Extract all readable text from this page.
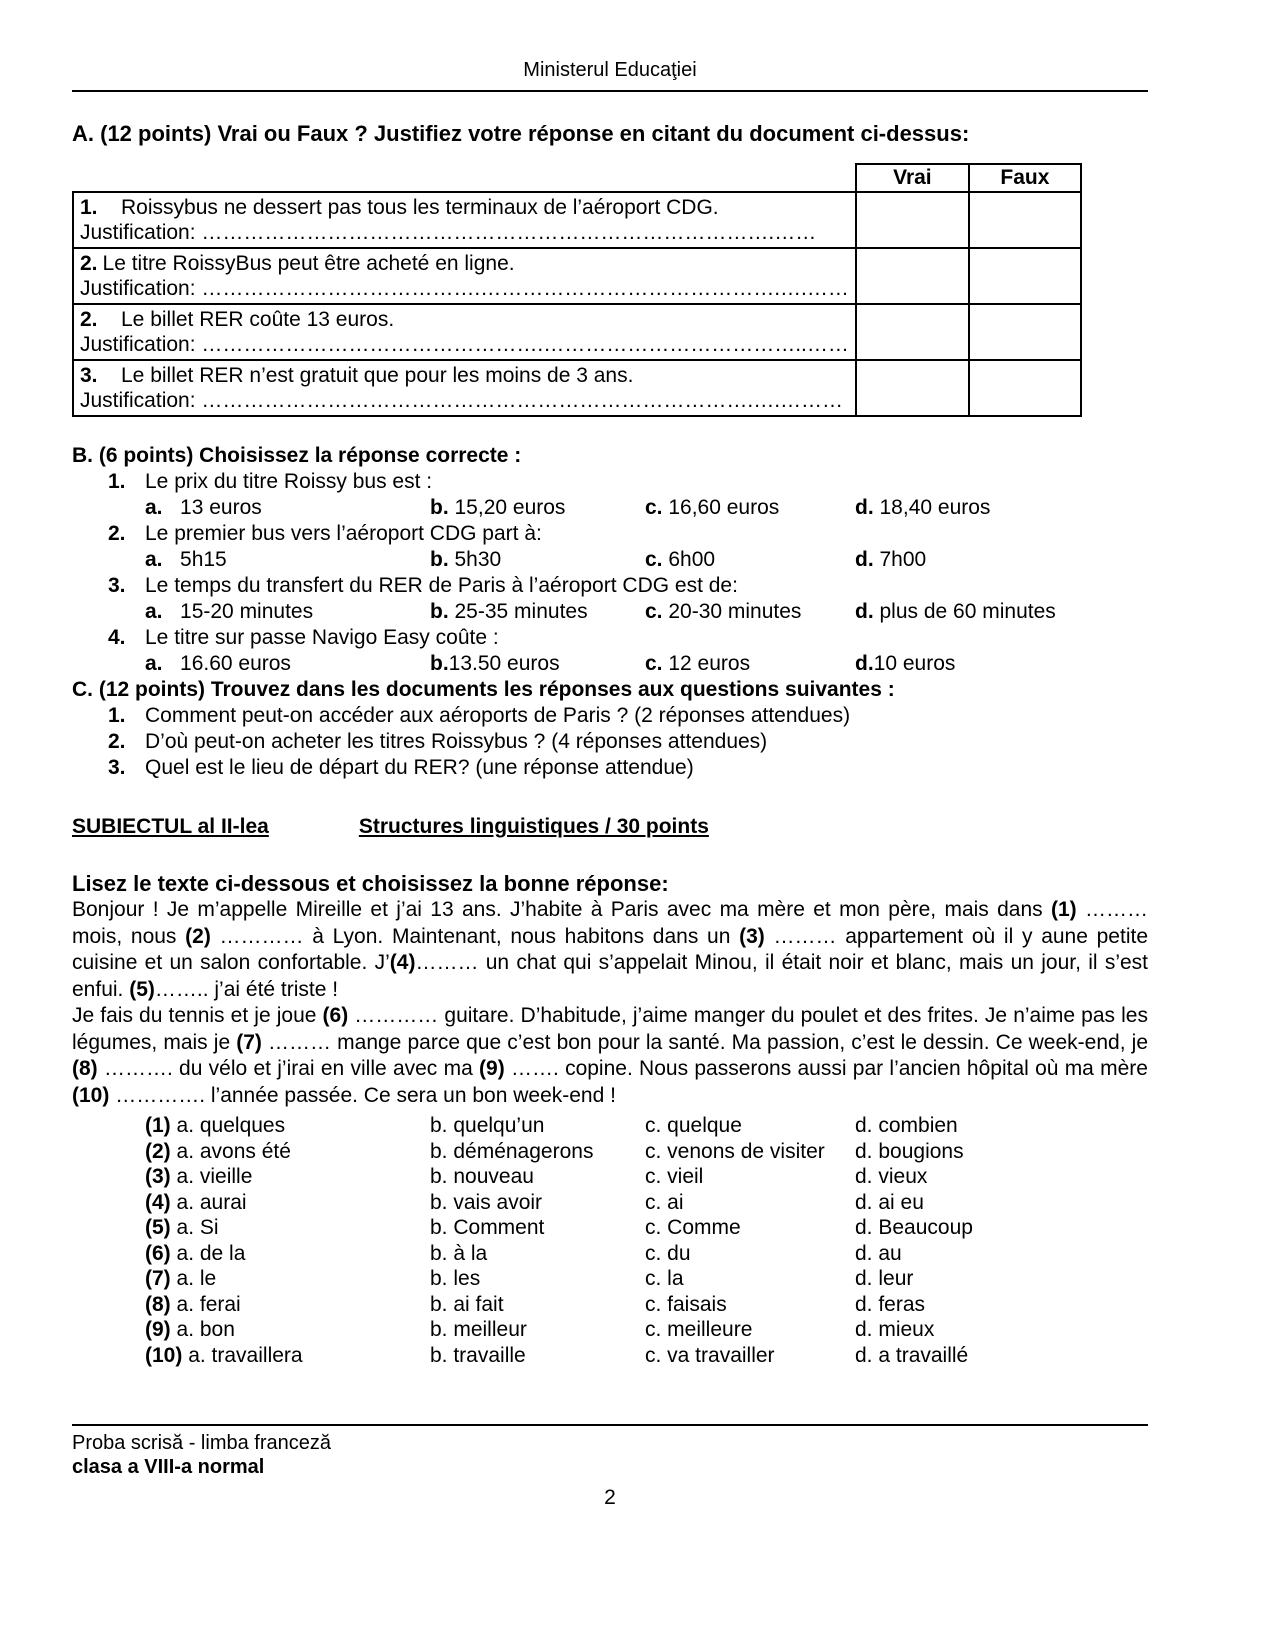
Ministerul Educaţiei
A. (12 points) Vrai ou Faux ? Justifiez votre réponse en citant du document ci-dessus:
	Vrai	Faux

1. Roissybus ne dessert pas tous les terminaux de l’aéroport CDG.
Justification: ……………………………………………………………………….……		

2. Le titre RoissyBus peut être acheté en ligne.
Justification: ………………………………….…………………………………….….……		

2. Le billet RER coûte 13 euros.
Justification: ………………………………………….………………………………..……		

3. Le billet RER n’est gratuit que pour les moins de 3 ans.
Justification: …………………………………………………………………….….………		

B. (6 points) Choisissez la réponse correcte :
1. Le prix du titre Roissy bus est :
a.   13 euros	b. 15,20 euros	c. 16,60 euros	d. 18,40 euros
2. Le premier bus vers l’aéroport CDG part à:
a.   5h15	b. 5h30	c. 6h00	d. 7h00
3. Le temps du transfert du RER de Paris à l’aéroport CDG est de:
a.   15-20 minutes	b. 25-35 minutes	c. 20-30 minutes	d. plus de 60 minutes
4. Le titre sur passe Navigo Easy coûte :
a.   16.60 euros	b.13.50 euros	c. 12 euros	d.10 euros
C. (12 points) Trouvez dans les documents les réponses aux questions suivantes :
1. Comment peut-on accéder aux aéroports de Paris ? (2 réponses attendues)
2. D’où peut-on acheter les titres Roissybus ? (4 réponses attendues)
3. Quel est le lieu de départ du RER? (une réponse attendue)
SUBIECTUL al II-lea	Structures linguistiques / 30 points
Lisez le texte ci-dessous et choisissez la bonne réponse:

Bonjour ! Je m’appelle Mireille et j’ai 13 ans. J’habite à Paris avec ma mère et mon père, mais dans (1) ……… mois, nous (2) ………… à Lyon. Maintenant, nous habitons dans un (3) ……… appartement où il y aune petite cuisine et un salon confortable. J’(4)……… un chat qui s’appelait Minou, il était noir et blanc, mais un jour, il s’est enfui. (5)…….. j’ai été triste !

Je fais du tennis et je joue (6) ………… guitare. D’habitude, j’aime manger du poulet et des frites. Je n’aime pas les légumes, mais je (7) ……… mange parce que c’est bon pour la santé. Ma passion, c’est le dessin. Ce week-end, je (8) ………. du vélo et j’irai en ville avec ma (9) ……. copine. Nous passerons aussi par l’ancien hôpital où ma mère (10) …………. l’année passée. Ce sera un bon week-end !

(1) a. quelques	b. quelqu’un	c. quelque	d. combien
(2) a. avons été	b. déménagerons	c. venons de visiter	d. bougions
(3) a. vieille	b. nouveau	c. vieil	d. vieux
(4) a. aurai	b. vais avoir	c. ai	d. ai eu
(5) a. Si	b. Comment	c. Comme	d. Beaucoup
(6) a. de la	b. à la	c. du	d. au
(7) a. le	b. les	c. la	d. leur
(8) a. ferai	b. ai fait	c. faisais	d. feras
(9) a. bon	b. meilleur	c. meilleure	d. mieux
(10) a. travaillera	b. travaille	c. va travailler	d. a travaillé
Proba scrisă - limba franceză
clasa a VIII-a normal
2
